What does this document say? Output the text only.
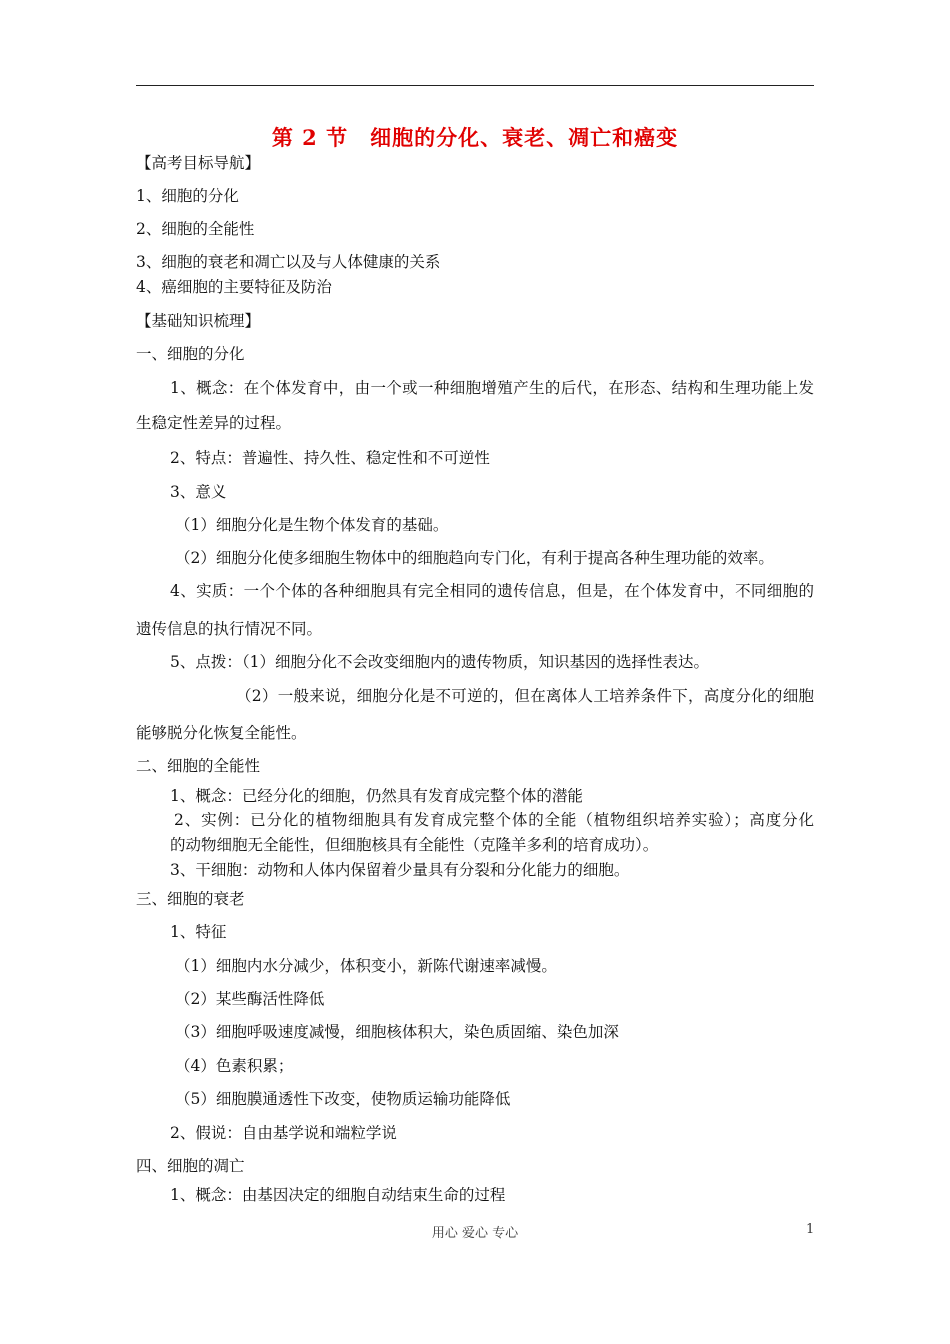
第 2 节　细胞的分化、衰老、凋亡和癌变
【高考目标导航】
1、细胞的分化
2、细胞的全能性
3、细胞的衰老和凋亡以及与人体健康的关系
4、癌细胞的主要特征及防治
【基础知识梳理】
一、细胞的分化
1、概念：在个体发育中，由一个或一种细胞增殖产生的后代，在形态、结构和生理功能上发
生稳定性差异的过程。
2、特点：普遍性、持久性、稳定性和不可逆性
3、意义
（1）细胞分化是生物个体发育的基础。
（2）细胞分化使多细胞生物体中的细胞趋向专门化，有利于提高各种生理功能的效率。
4、实质：一个个体的各种细胞具有完全相同的遗传信息，但是，在个体发育中，不同细胞的
遗传信息的执行情况不同。
5、点拨：（1）细胞分化不会改变细胞内的遗传物质，知识基因的选择性表达。
（2）一般来说，细胞分化是不可逆的，但在离体人工培养条件下，高度分化的细胞
能够脱分化恢复全能性。
二、细胞的全能性
1、概念：已经分化的细胞，仍然具有发育成完整个体的潜能
2、实例：已分化的植物细胞具有发育成完整个体的全能（植物组织培养实验）；高度分化
的动物细胞无全能性，但细胞核具有全能性（克隆羊多利的培育成功）。
3、干细胞：动物和人体内保留着少量具有分裂和分化能力的细胞。
三、细胞的衰老
1、特征
（1）细胞内水分减少，体积变小，新陈代谢速率减慢。
（2）某些酶活性降低
（3）细胞呼吸速度减慢，细胞核体积大，染色质固缩、染色加深
（4）色素积累；
（5）细胞膜通透性下改变，使物质运输功能降低
2、假说：自由基学说和端粒学说
四、细胞的凋亡
1、概念：由基因决定的细胞自动结束生命的过程
用心 爱心 专心	1
